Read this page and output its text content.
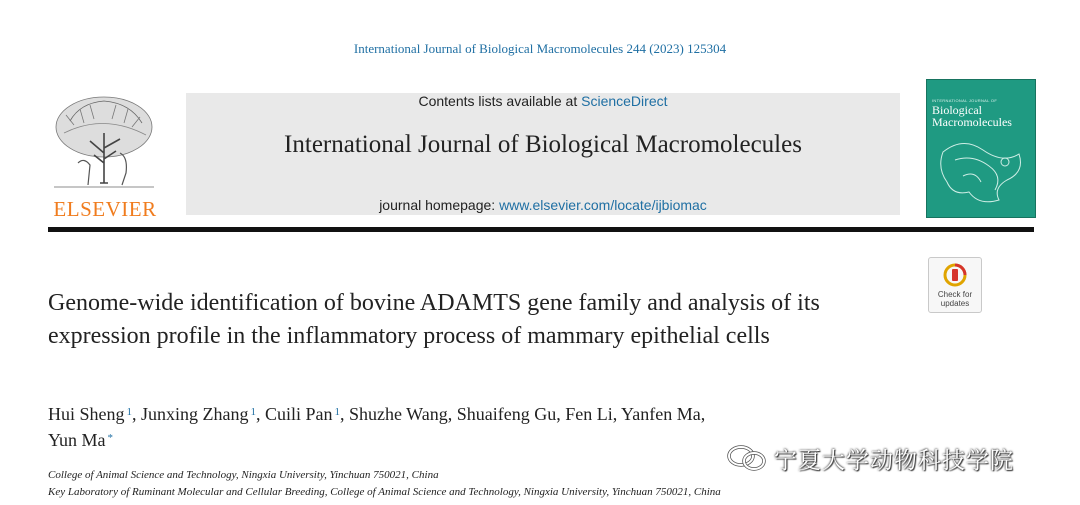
International Journal of Biological Macromolecules 244 (2023) 125304
ELSEVIER
Contents lists available at ScienceDirect
International Journal of Biological Macromolecules
journal homepage: www.elsevier.com/locate/ijbiomac
INTERNATIONAL JOURNAL OF
Biological
Macromolecules
Check for
updates
Genome-wide identification of bovine ADAMTS gene family and analysis of its expression profile in the inflammatory process of mammary epithelial cells
Hui Sheng $^1$, Junxing Zhang $^1$, Cuili Pan $^1$, Shuzhe Wang, Shuaifeng Gu, Fen Li, Yanfen Ma,
Yun Ma *
College of Animal Science and Technology, Ningxia University, Yinchuan 750021, China
Key Laboratory of Ruminant Molecular and Cellular Breeding, College of Animal Science and Technology, Ningxia University, Yinchuan 750021, China
宁夏大学动物科技学院
